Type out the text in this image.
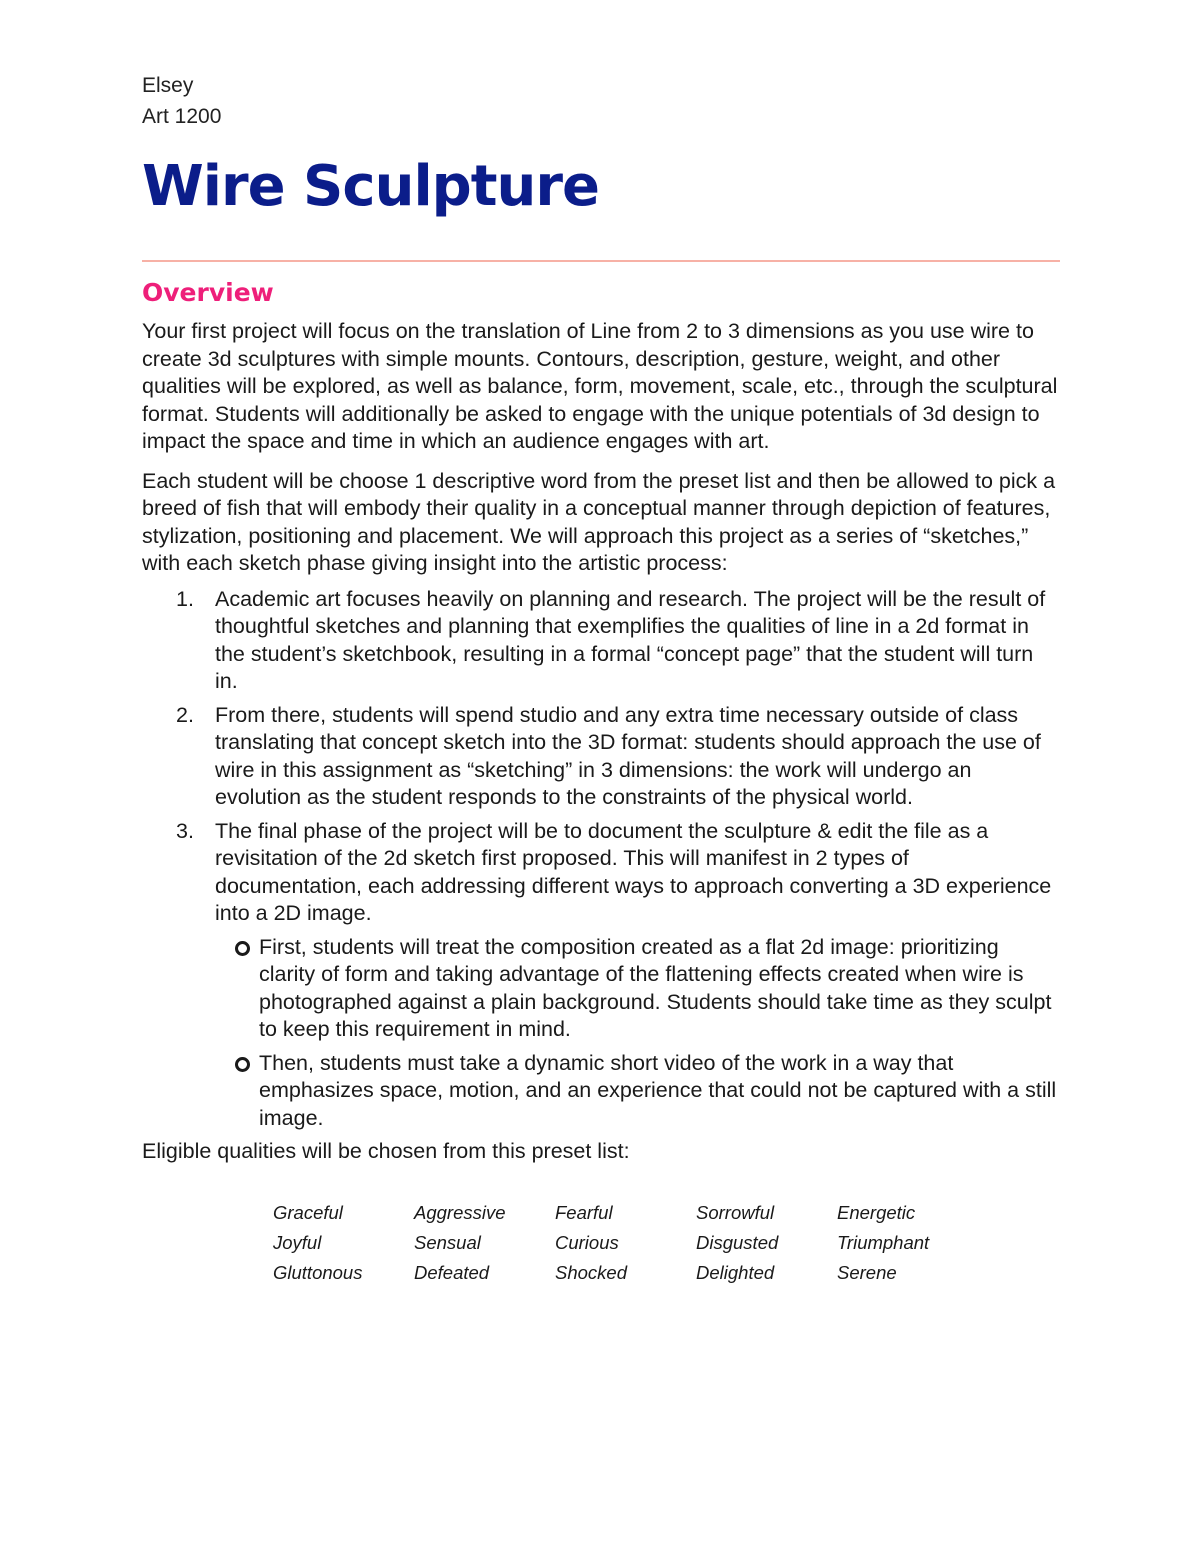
Elsey
Art 1200
Wire Sculpture
Overview

Your first project will focus on the translation of Line from 2 to 3 dimensions as you use wire to create 3d sculptures with simple mounts. Contours, description, gesture, weight, and other qualities will be explored, as well as balance, form, movement, scale, etc., through the sculptural format. Students will additionally be asked to engage with the unique potentials of 3d design to impact the space and time in which an audience engages with art.

Each student will be choose 1 descriptive word from the preset list and then be allowed to pick a breed of fish that will embody their quality in a conceptual manner through depiction of features, stylization, positioning and placement. We will approach this project as a series of “sketches,” with each sketch phase giving insight into the artistic process:

1. Academic art focuses heavily on planning and research. The project will be the result of thoughtful sketches and planning that exemplifies the qualities of line in a 2d format in the student’s sketchbook, resulting in a formal “concept page” that the student will turn in.
2. From there, students will spend studio and any extra time necessary outside of class translating that concept sketch into the 3D format: students should approach the use of wire in this assignment as “sketching” in 3 dimensions: the work will undergo an evolution as the student responds to the constraints of the physical world.
3. The final phase of the project will be to document the sculpture & edit the file as a revisitation of the 2d sketch first proposed. This will manifest in 2 types of documentation, each addressing different ways to approach converting a 3D experience into a 2D image.
First, students will treat the composition created as a flat 2d image: prioritizing clarity of form and taking advantage of the flattening effects created when wire is photographed against a plain background. Students should take time as they sculpt to keep this requirement in mind.
Then, students must take a dynamic short video of the work in a way that emphasizes space, motion, and an experience that could not be captured with a still image.
Eligible qualities will be chosen from this preset list:
Graceful	Aggressive	Fearful	Sorrowful	Energetic
Joyful	Sensual	Curious	Disgusted	Triumphant
Gluttonous	Defeated	Shocked	Delighted	Serene
